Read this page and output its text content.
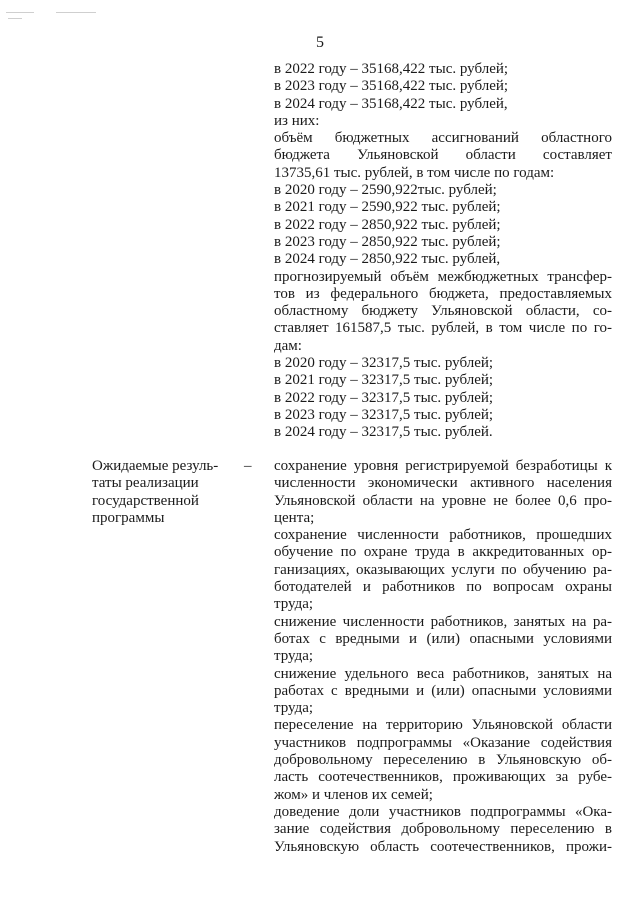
5
в 2022 году – 35168,422 тыс. рублей;
в 2023 году – 35168,422 тыс. рублей;
в 2024 году – 35168,422 тыс. рублей,
из них:
объём бюджетных ассигнований областного
бюджета Ульяновской области составляет
13735,61 тыс. рублей, в том числе по годам:
в 2020 году – 2590,922тыс. рублей;
в 2021 году – 2590,922 тыс. рублей;
в 2022 году – 2850,922 тыс. рублей;
в 2023 году – 2850,922 тыс. рублей;
в 2024 году – 2850,922 тыс. рублей,
прогнозируемый объём межбюджетных трансфер-
тов из федерального бюджета, предоставляемых
областному бюджету Ульяновской области, со-
ставляет 161587,5 тыс. рублей, в том числе по го-
дам:
в 2020 году – 32317,5 тыс. рублей;
в 2021 году – 32317,5 тыс. рублей;
в 2022 году – 32317,5 тыс. рублей;
в 2023 году – 32317,5 тыс. рублей;
в 2024 году – 32317,5 тыс. рублей.
Ожидаемые резуль-
таты реализации
государственной
программы
– сохранение уровня регистрируемой безработицы к
численности экономически активного населения
Ульяновской области на уровне не более 0,6 про-
цента;
сохранение численности работников, прошедших
обучение по охране труда в аккредитованных ор-
ганизациях, оказывающих услуги по обучению ра-
ботодателей и работников по вопросам охраны
труда;
снижение численности работников, занятых на ра-
ботах с вредными и (или) опасными условиями
труда;
снижение удельного веса работников, занятых на
работах с вредными и (или) опасными условиями
труда;
переселение на территорию Ульяновской области
участников подпрограммы «Оказание содействия
добровольному переселению в Ульяновскую об-
ласть соотечественников, проживающих за рубе-
жом» и членов их семей;
доведение доли участников подпрограммы «Ока-
зание содействия добровольному переселению в
Ульяновскую область соотечественников, прожи-
